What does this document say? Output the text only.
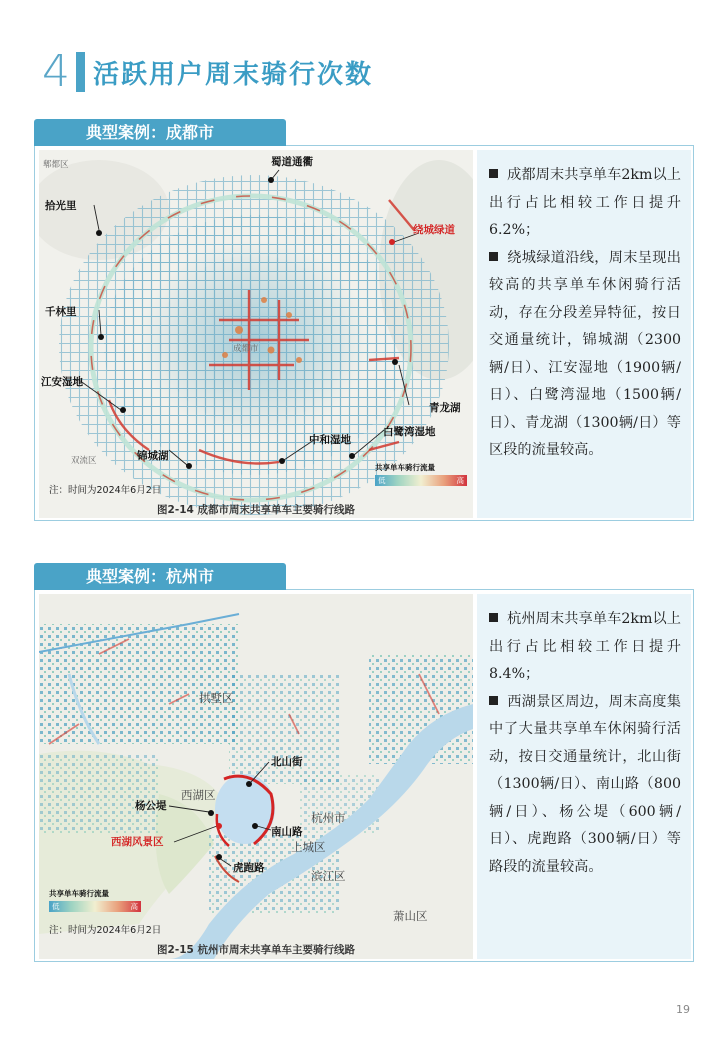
4 活跃用户周末骑行次数
典型案例：成都市
郫都区	蜀道通衢
拾光里
绕城绿道
千林里
成都市
江安湿地
青龙湖
中和湿地
白鹭湾湿地
双流区	锦城湖
共享单车骑行流量
低	高
注：时间为2024年6月2日
图2-14 成都市周末共享单车主要骑行线路

成都周末共享单车2km以上出行占比相较工作日提升6.2%；

绕城绿道沿线，周末呈现出较高的共享单车休闲骑行活动，存在分段差异特征，按日交通量统计，锦城湖（2300辆/日）、江安湿地（1900辆/日）、白鹭湾湿地（1500辆/日）、青龙湖（1300辆/日）等区段的流量较高。

典型案例：杭州市
拱墅区
北山街
西湖区
杨公堤
杭州市
西湖风景区
南山路
上城区
虎跑路
滨江区
萧山区
共享单车骑行流量
低	高
注：时间为2024年6月2日
图2-15 杭州市周末共享单车主要骑行线路

杭州周末共享单车2km以上出行占比相较工作日提升8.4%；

西湖景区周边，周末高度集中了大量共享单车休闲骑行活动，按日交通量统计，北山街（1300辆/日）、南山路（800辆/日）、杨公堤（600辆/日）、虎跑路（300辆/日）等路段的流量较高。

19
